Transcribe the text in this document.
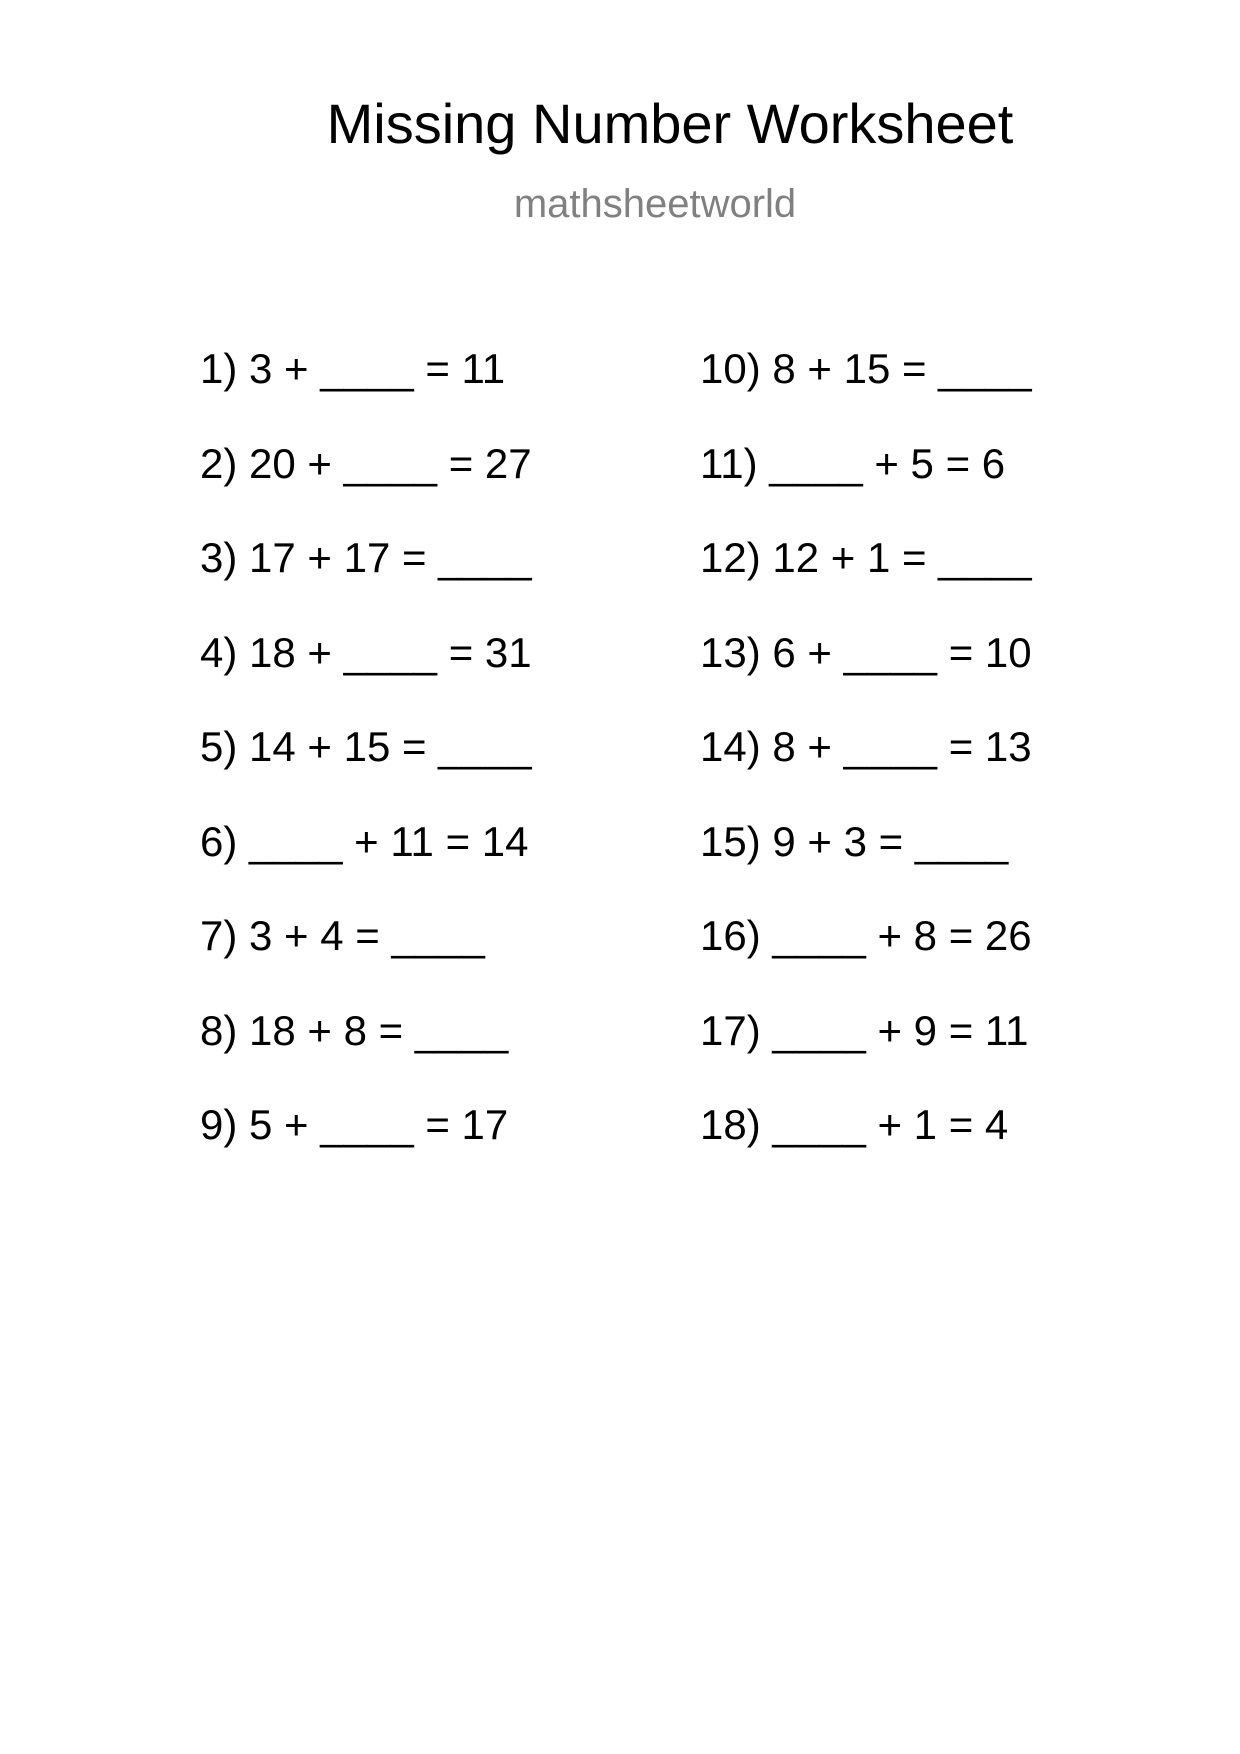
Missing Number Worksheet
mathsheetworld
1) 3 + ____ = 11
2) 20 + ____ = 27
3) 17 + 17 = ____
4) 18 + ____ = 31
5) 14 + 15 = ____
6) ____ + 11 = 14
7) 3 + 4 = ____
8) 18 + 8 = ____
9) 5 + ____ = 17
10) 8 + 15 = ____
11) ____ + 5 = 6
12) 12 + 1 = ____
13) 6 + ____ = 10
14) 8 + ____ = 13
15) 9 + 3 = ____
16) ____ + 8 = 26
17) ____ + 9 = 11
18) ____ + 1 = 4
